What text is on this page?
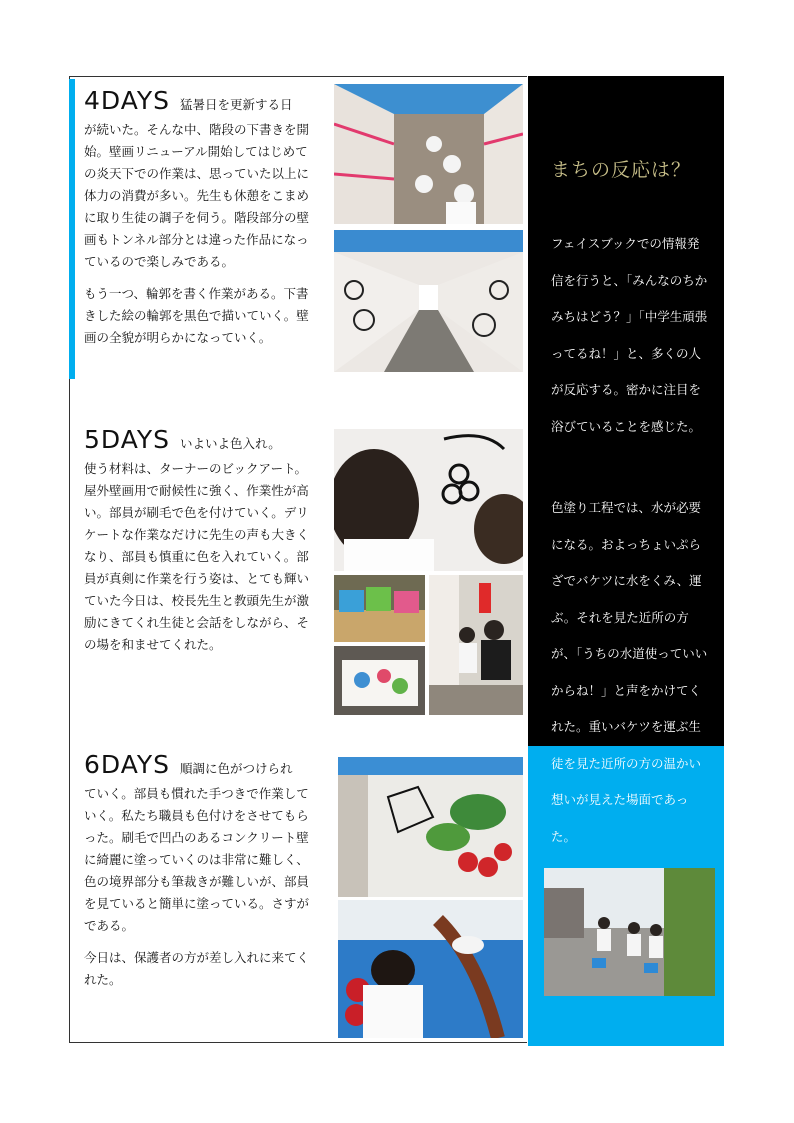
4DAYS 猛暑日を更新する日

が続いた。そんな中、階段の下書きを開始。壁画リニューアル開始してはじめての炎天下での作業は、思っていた以上に体力の消費が多い。先生も休憩をこまめに取り生徒の調子を伺う。階段部分の壁画もトンネル部分とは違った作品になっているので楽しみである。

もう一つ、輪郭を書く作業がある。下書きした絵の輪郭を黒色で描いていく。壁画の全貌が明らかになっていく。

5DAYS いよいよ色入れ。

使う材料は、ターナーのビックアート。屋外壁画用で耐候性に強く、作業性が高い。部員が刷毛で色を付けていく。デリケートな作業なだけに先生の声も大きくなり、部員も慎重に色を入れていく。部員が真剣に作業を行う姿は、とても輝いていた今日は、校長先生と教頭先生が激励にきてくれ生徒と会話をしながら、その場を和ませてくれた。

6DAYS 順調に色がつけられ

ていく。部員も慣れた手つきで作業していく。私たち職員も色付けをさせてもらった。刷毛で凹凸のあるコンクリート壁に綺麗に塗っていくのは非常に難しく、色の境界部分も筆裁きが難しいが、部員を見ていると簡単に塗っている。さすがである。

今日は、保護者の方が差し入れに来てくれた。

まちの反応は？

フェイスブックでの情報発信を行うと、「みんなのちかみちはどう？」「中学生頑張ってるね！」と、多くの人が反応する。密かに注目を浴びていることを感じた。

色塗り工程では、水が必要になる。およっちょいぷらざでバケツに水をくみ、運ぶ。それを見た近所の方が、「うちの水道使っていいからね！」と声をかけてくれた。重いバケツを運ぶ生徒を見た近所の方の温かい想いが見えた場面であった。
